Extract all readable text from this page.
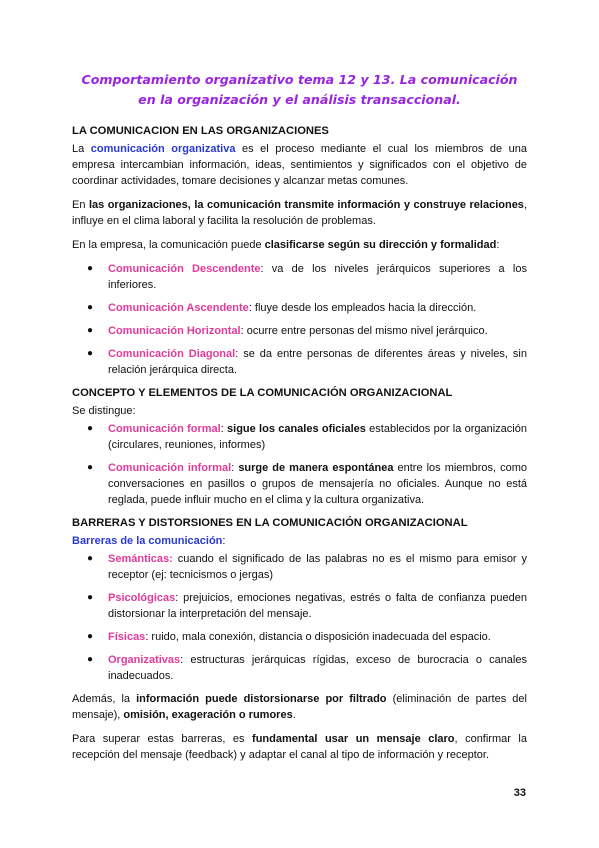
Comportamiento organizativo tema 12 y 13. La comunicación en la organización y el análisis transaccional.
LA COMUNICACION EN LAS ORGANIZACIONES

La comunicación organizativa es el proceso mediante el cual los miembros de una empresa intercambian información, ideas, sentimientos y significados con el objetivo de coordinar actividades, tomare decisiones y alcanzar metas comunes.

En las organizaciones, la comunicación transmite información y construye relaciones, influye en el clima laboral y facilita la resolución de problemas.

En la empresa, la comunicación puede clasificarse según su dirección y formalidad:

● Comunicación Descendente: va de los niveles jerárquicos superiores a los inferiores.
● Comunicación Ascendente: fluye desde los empleados hacia la dirección.
● Comunicación Horizontal: ocurre entre personas del mismo nivel jerárquico.
● Comunicación Diagonal: se da entre personas de diferentes áreas y niveles, sin relación jerárquica directa.
CONCEPTO Y ELEMENTOS DE LA COMUNICACIÓN ORGANIZACIONAL

Se distingue:

● Comunicación formal: sigue los canales oficiales establecidos por la organización (circulares, reuniones, informes)
● Comunicación informal: surge de manera espontánea entre los miembros, como conversaciones en pasillos o grupos de mensajería no oficiales. Aunque no está reglada, puede influir mucho en el clima y la cultura organizativa.
BARRERAS Y DISTORSIONES EN LA COMUNICACIÓN ORGANIZACIONAL
Barreras de la comunicación:
● Semánticas: cuando el significado de las palabras no es el mismo para emisor y receptor (ej: tecnicismos o jergas)
● Psicológicas: prejuicios, emociones negativas, estrés o falta de confianza pueden distorsionar la interpretación del mensaje.
● Físicas: ruido, mala conexión, distancia o disposición inadecuada del espacio.
● Organizativas: estructuras jerárquicas rígidas, exceso de burocracia o canales inadecuados.

Además, la información puede distorsionarse por filtrado (eliminación de partes del mensaje), omisión, exageración o rumores.

Para superar estas barreras, es fundamental usar un mensaje claro, confirmar la recepción del mensaje (feedback) y adaptar el canal al tipo de información y receptor.

33
